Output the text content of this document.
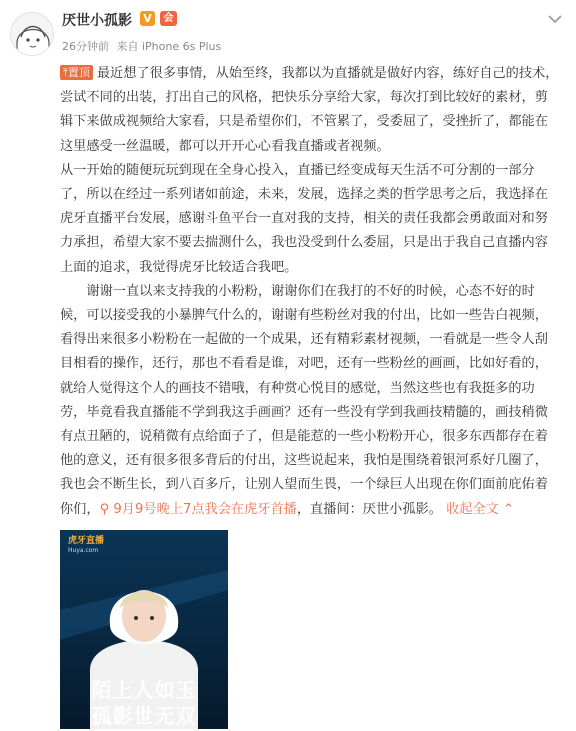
厌世小孤影 V	会
26分钟前 来自 iPhone 6s Plus
⤒置顶 最近想了很多事情，从始至终，我都以为直播就是做好内容，练好自己的技术，尝试不同的出装，打出自己的风格，把快乐分享给大家，每次打到比较好的素材，剪辑下来做成视频给大家看，只是希望你们，不管累了，受委屈了，受挫折了，都能在这里感受一丝温暖，都可以开开心心看我直播或者视频。
从一开始的随便玩玩到现在全身心投入，直播已经变成每天生活不可分割的一部分了，所以在经过一系列诸如前途，未来，发展，选择之类的哲学思考之后，我选择在虎牙直播平台发展，感谢斗鱼平台一直对我的支持，相关的责任我都会勇敢面对和努力承担，希望大家不要去揣测什么，我也没受到什么委屈，只是出于我自己直播内容上面的追求，我觉得虎牙比较适合我吧。
谢谢一直以来支持我的小粉粉，谢谢你们在我打的不好的时候，心态不好的时候，可以接受我的小暴脾气什么的，谢谢有些粉丝对我的付出，比如一些告白视频，看得出来很多小粉粉在一起做的一个成果，还有精彩素材视频，一看就是一些令人刮目相看的操作，还行，那也不看看是谁，对吧，还有一些粉丝的画画，比如好看的，就给人觉得这个人的画技不错哦，有种赏心悦目的感觉，当然这些也有我挺多的功劳，毕竟看我直播能不学到我这手画画？还有一些没有学到我画技精髓的，画技稍微有点丑陋的，说稍微有点给面子了，但是能惹的一些小粉粉开心，很多东西都存在着他的意义，还有很多很多背后的付出，这些说起来，我怕是围绕着银河系好几圈了，我也会不断生长，到八百多斤，让别人望而生畏，一个绿巨人出现在你们面前庇佑着你们，⚲ 9月9号晚上7点我会在虎牙首播，直播间：厌世小孤影。 收起全文 ⌃
虎牙直播
Huya.com
陌上人如玉
孤影世无双
